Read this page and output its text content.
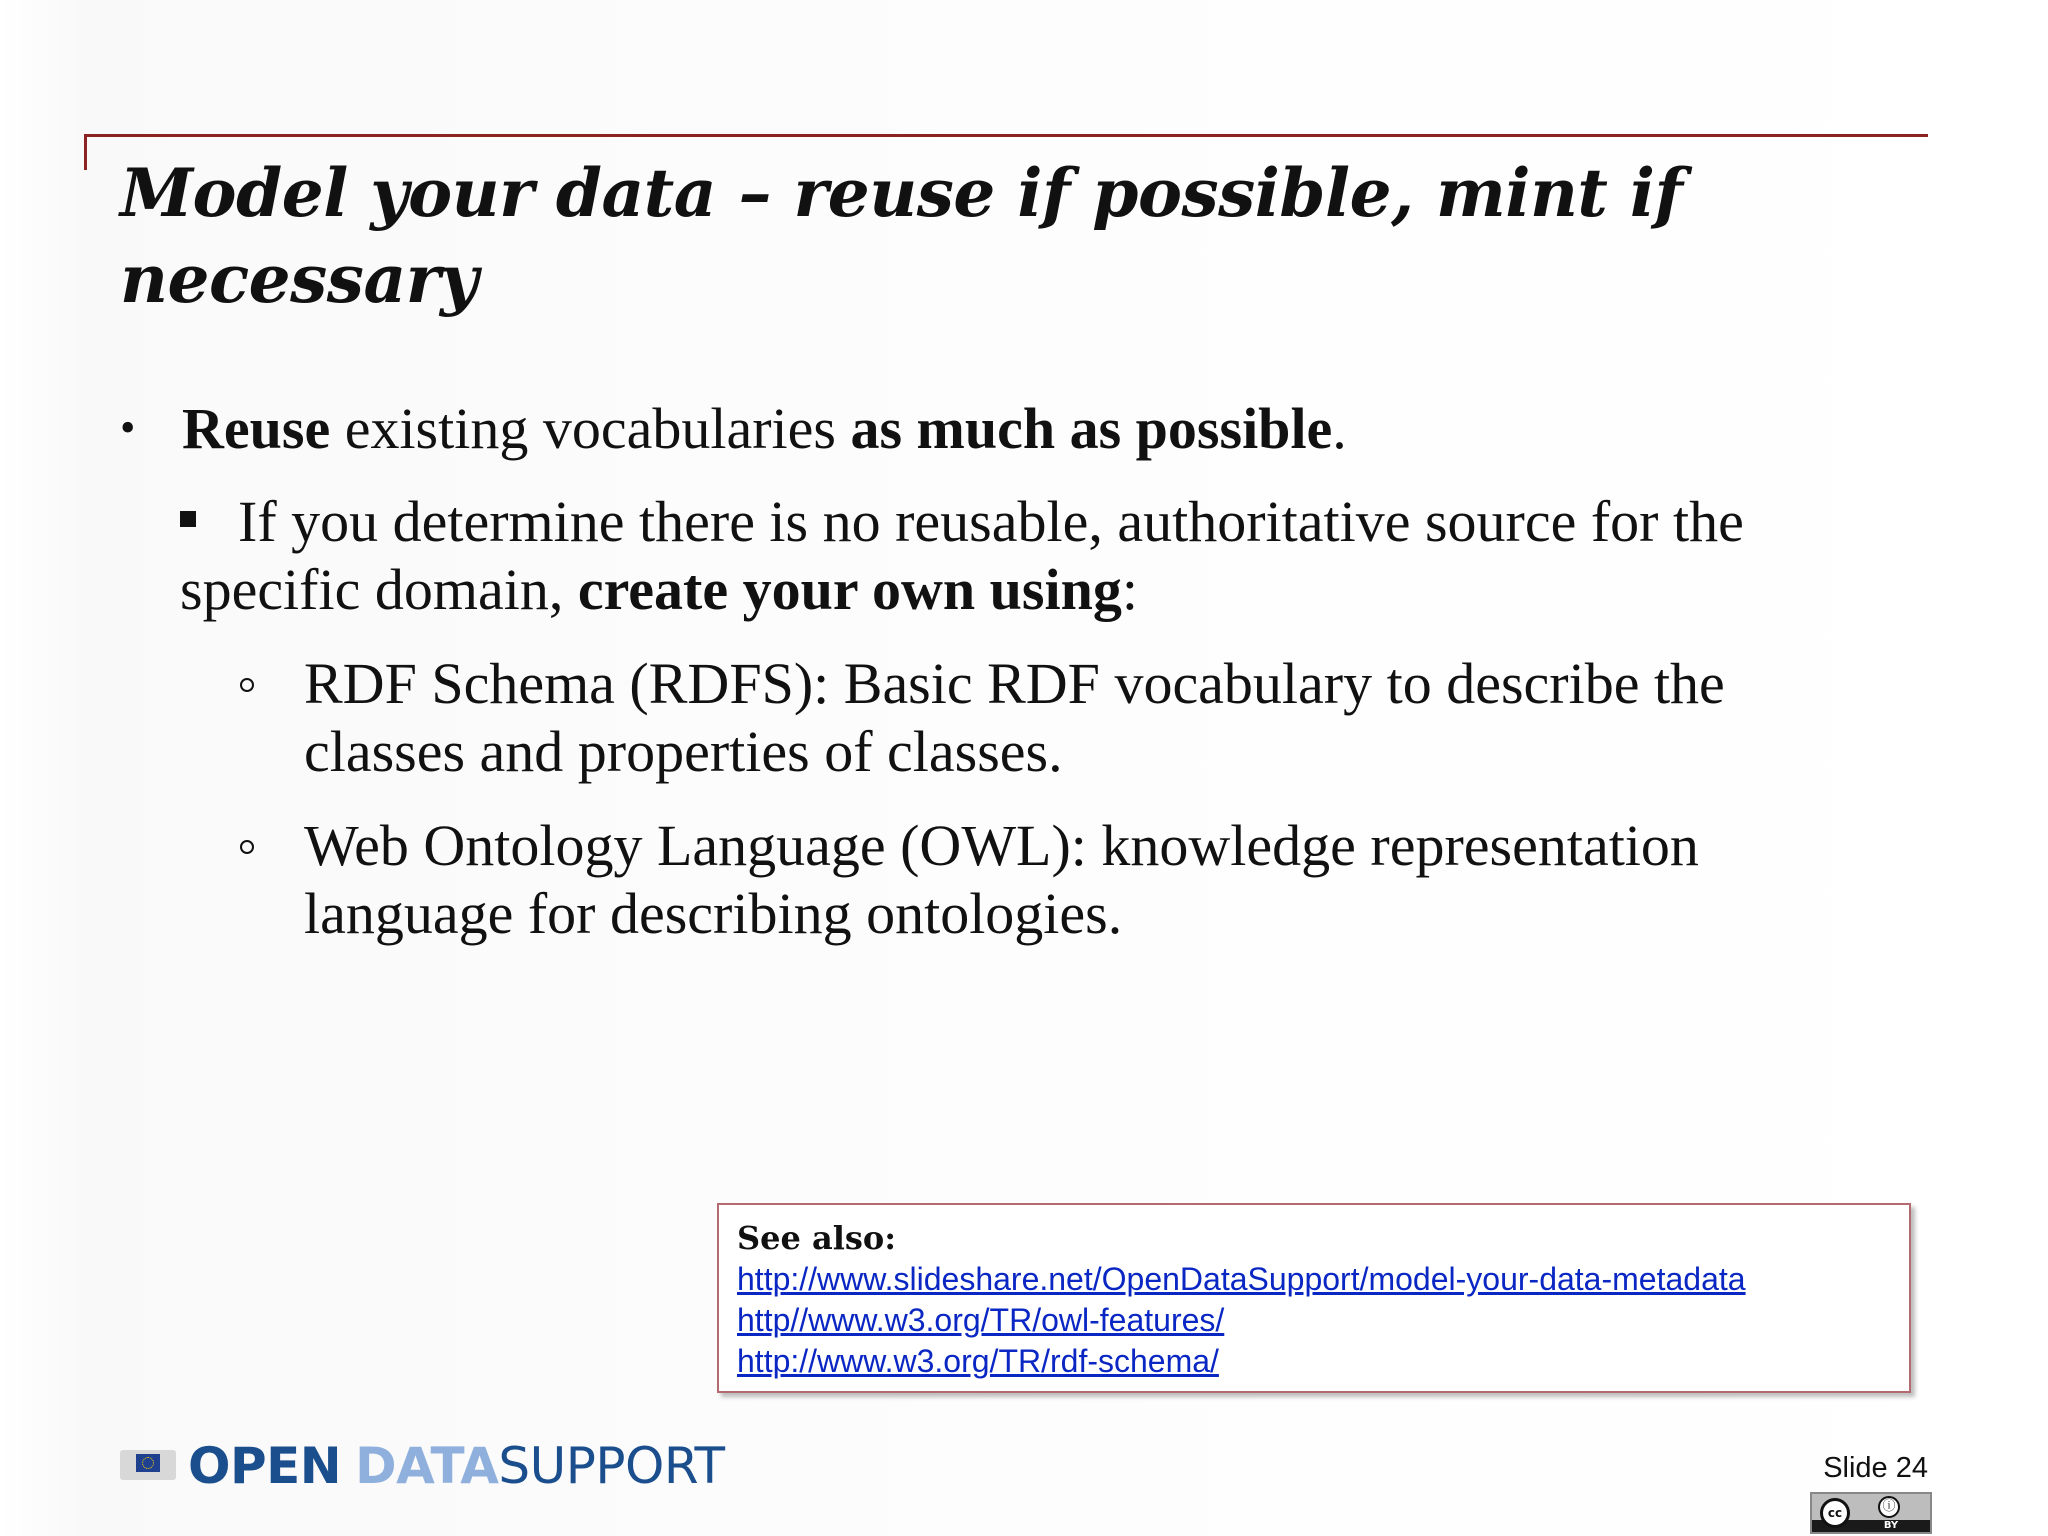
Model your data – reuse if possible, mint if necessary
• Reuse existing vocabularies as much as possible.
If you determine there is no reusable, authoritative source for the specific domain, create your own using:
RDF Schema (RDFS): Basic RDF vocabulary to describe the classes and properties of classes.
Web Ontology Language (OWL): knowledge representation language for describing ontologies.
See also:
http://www.slideshare.net/OpenDataSupport/model-your-data-metadata
http//www.w3.org/TR/owl-features/
http://www.w3.org/TR/rdf-schema/
OPEN DATA SUPPORT	Slide 24
cc	ⓘ
BY
